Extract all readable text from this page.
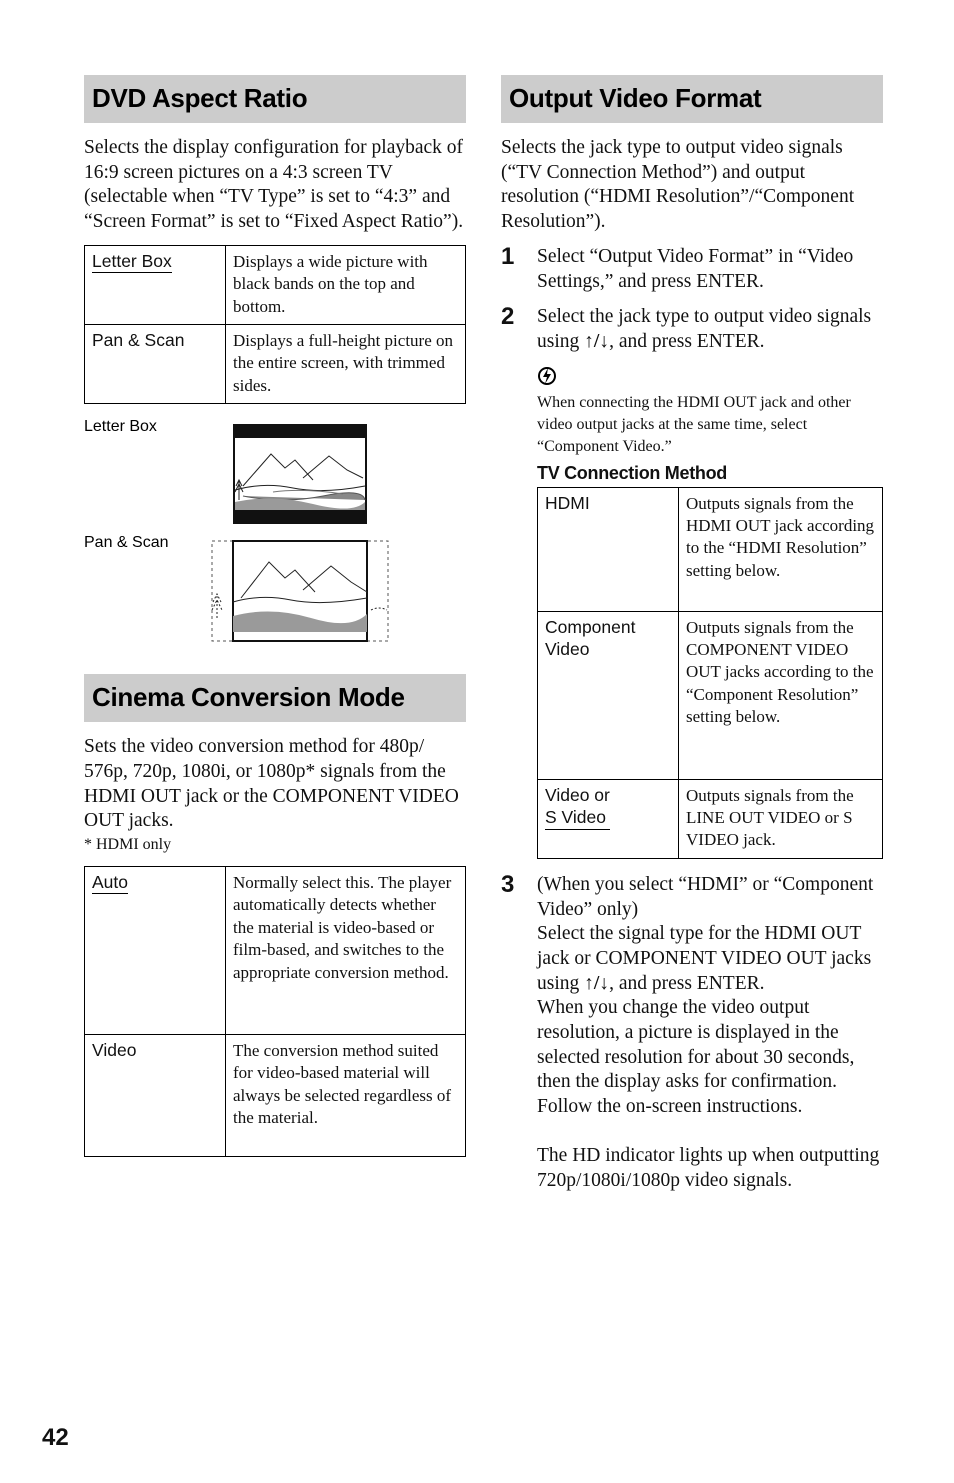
DVD Aspect Ratio

Selects the display configuration for playback of 16:9 screen pictures on a 4:3 screen TV (selectable when “TV Type” is set to “4:3” and “Screen Format” is set to “Fixed Aspect Ratio”).

Letter Box	Displays a wide picture with black bands on the top and bottom.
Pan & Scan	Displays a full-height picture on the entire screen, with trimmed sides.
Letter Box
Pan & Scan
Cinema Conversion Mode

Sets the video conversion method for 480p/ 576p, 720p, 1080i, or 1080p* signals from the HDMI OUT jack or the COMPONENT VIDEO OUT jacks.

* HDMI only

Auto	Normally select this. The player automatically detects whether the material is video-based or film-based, and switches to the appropriate conversion method.
Video	The conversion method suited for video-based material will always be selected regardless of the material.
Output Video Format

Selects the jack type to output video signals (“TV Connection Method”) and output resolution (“HDMI Resolution”/“Component Resolution”).

1 Select “Output Video Format” in “Video Settings,” and press ENTER.

2 Select the jack type to output video signals using ↑/↓, and press ENTER.

When connecting the HDMI OUT jack and other video output jacks at the same time, select “Component Video.”

TV Connection Method
HDMI	Outputs signals from the HDMI OUT jack according to the “HDMI Resolution” setting below.
Component Video	Outputs signals from the COMPONENT VIDEO OUT jacks according to the “Component Resolution” setting below.
Video or
S Video	Outputs signals from the LINE OUT VIDEO or S VIDEO jack.
3 (When you select “HDMI” or “Component Video” only)

Select the signal type for the HDMI OUT jack or COMPONENT VIDEO OUT jacks using ↑/↓, and press ENTER.

When you change the video output resolution, a picture is displayed in the selected resolution for about 30 seconds, then the display asks for confirmation. Follow the on-screen instructions.

The HD indicator lights up when outputting 720p/1080i/1080p video signals.

42
